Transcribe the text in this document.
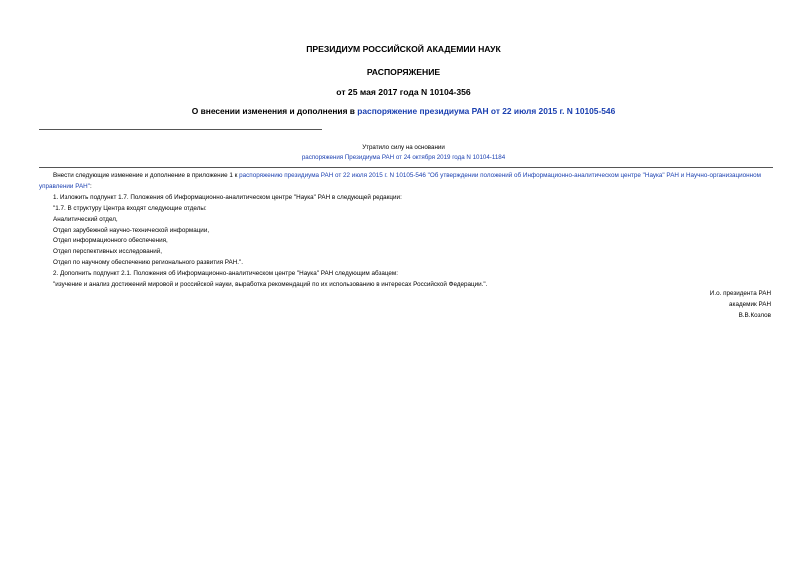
ПРЕЗИДИУМ РОССИЙСКОЙ АКАДЕМИИ НАУК
РАСПОРЯЖЕНИЕ
от 25 мая 2017 года N 10104-356
О внесении изменения и дополнения в распоряжение президиума РАН от 22 июля 2015 г. N 10105-546
Утратило силу на основании
распоряжения Президиума РАН от 24 октября 2019 года N 10104-1184

Внести следующие изменение и дополнение в приложение 1 к распоряжению президиума РАН от 22 июля 2015 г. N 10105-546 "Об утверждении положений об Информационно-аналитическом центре "Наука" РАН и Научно-организационном управлении РАН":

1. Изложить подпункт 1.7. Положения об Информационно-аналитическом центре "Наука" РАН в следующей редакции:

"1.7. В структуру Центра входят следующие отделы:

Аналитический отдел,

Отдел зарубежной научно-технической информации,

Отдел информационного обеспечения,

Отдел перспективных исследований,

Отдел по научному обеспечению регионального развития РАН.".

2. Дополнить подпункт 2.1. Положения об Информационно-аналитическом центре "Наука" РАН следующим абзацем:

"изучение и анализ достижений мировой и российской науки, выработка рекомендаций по их использованию в интересах Российской Федерации.".

И.о. президента РАН
академик РАН
В.В.Козлов
